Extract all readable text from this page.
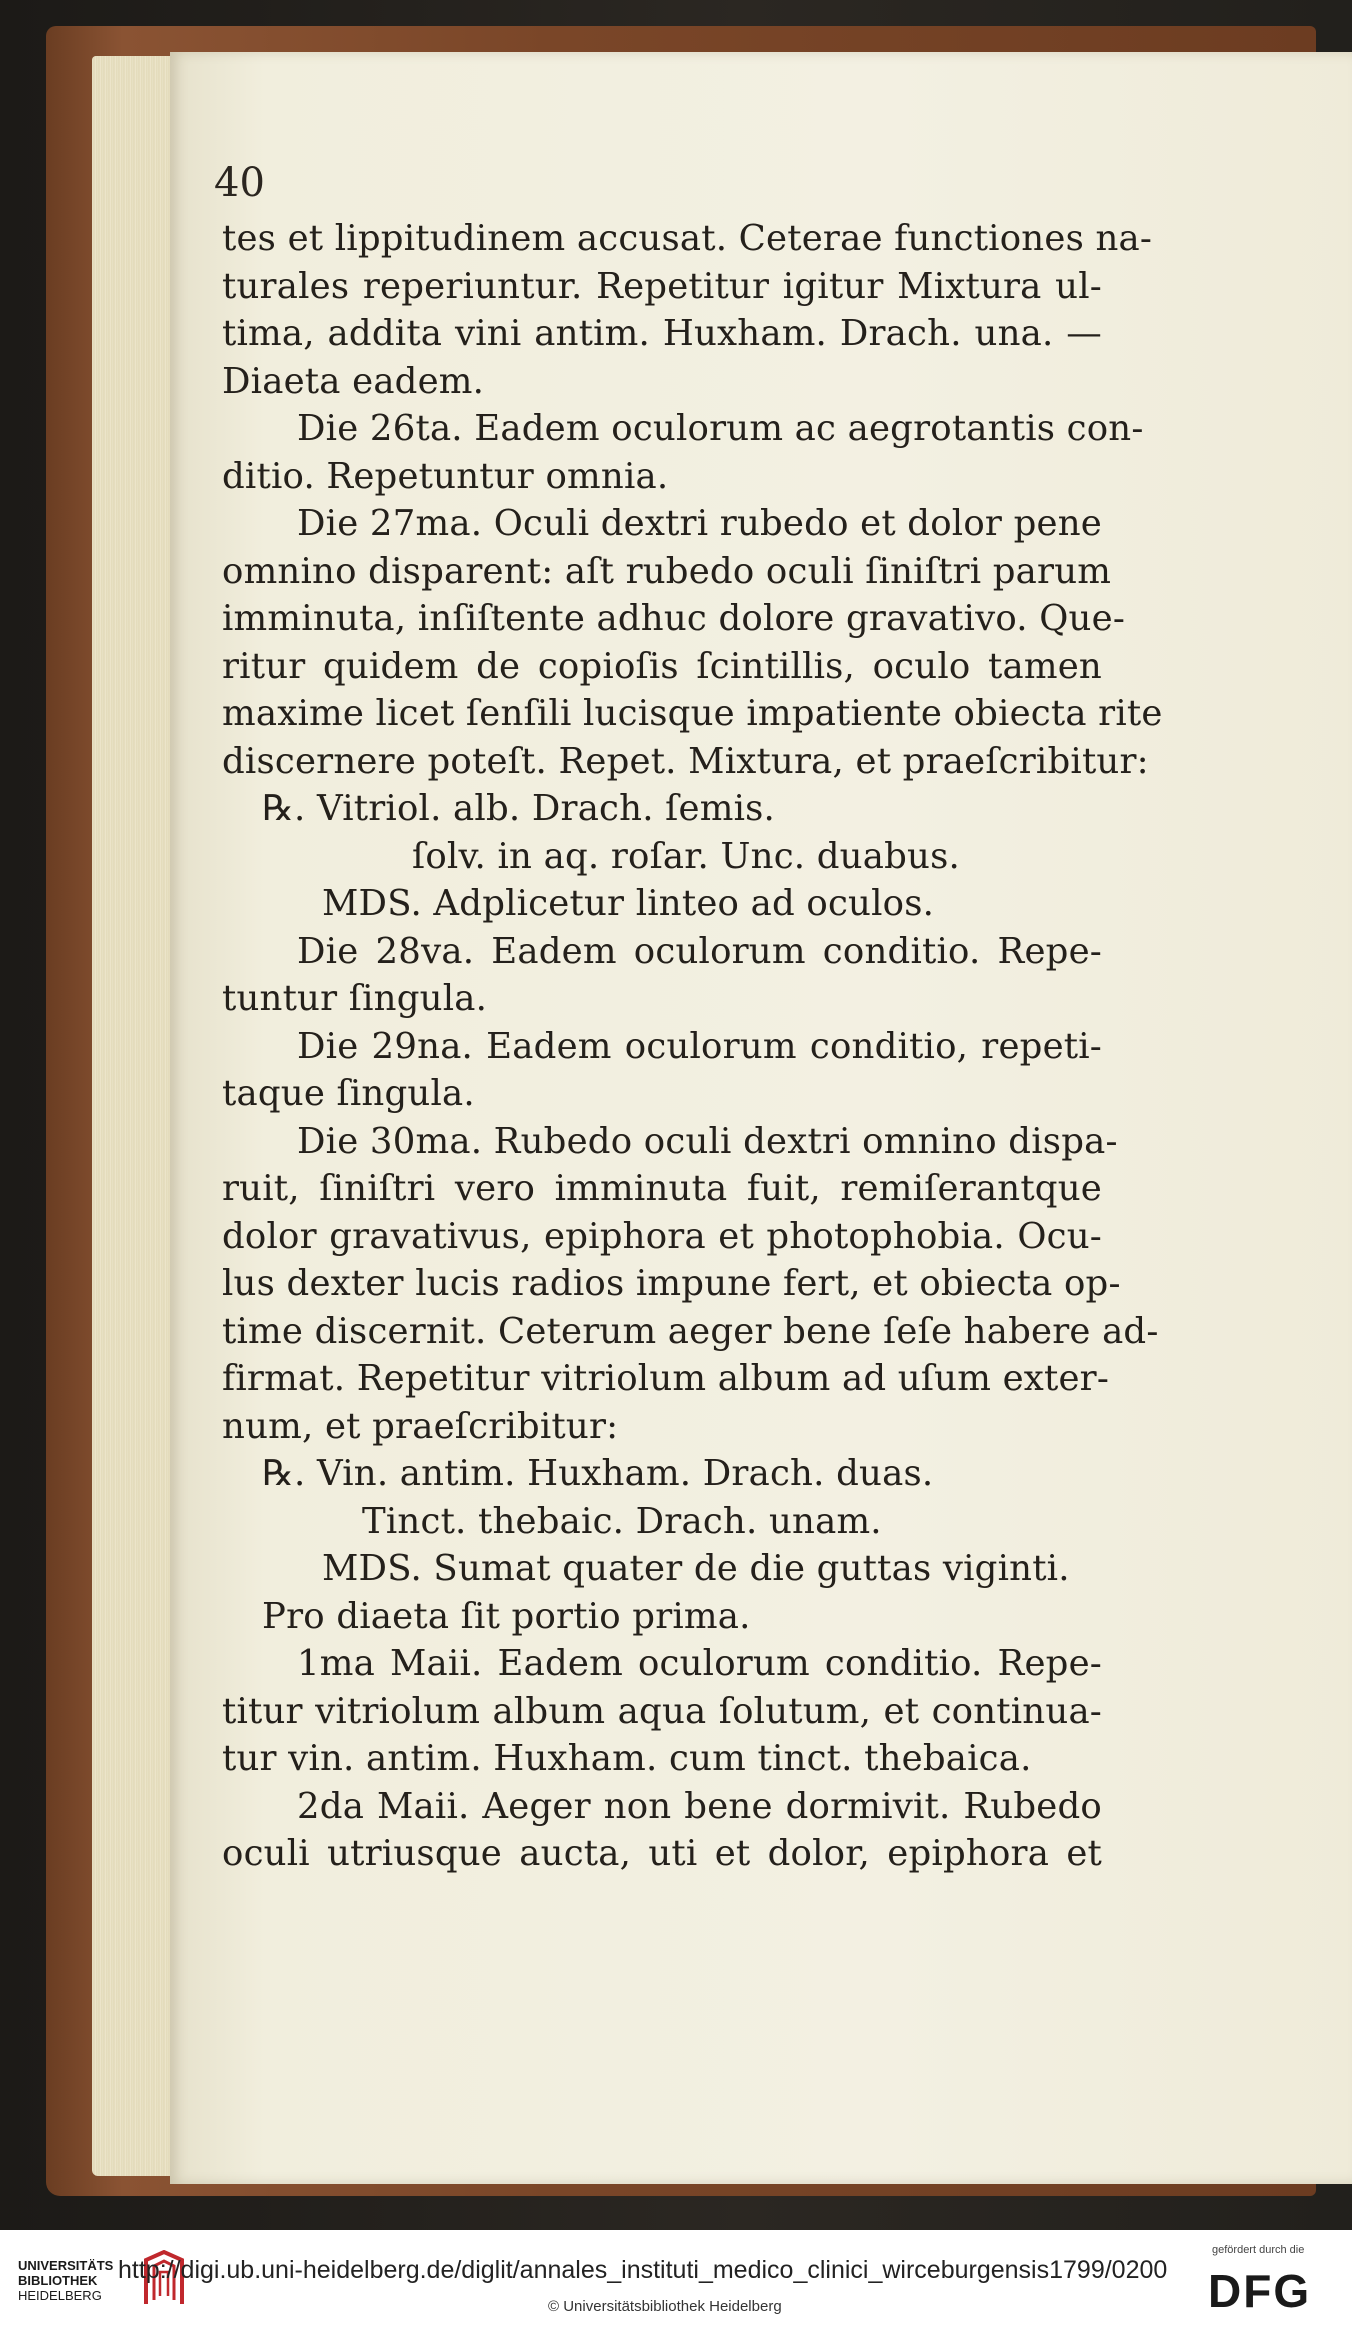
40
tes et lippitudinem accusat. Ceterae functiones na-
turales reperiuntur. Repetitur igitur Mixtura ul-
tima, addita vini antim. Huxham. Drach. una. —
Diaeta eadem.
Die 26ta. Eadem oculorum ac aegrotantis con-
ditio. Repetuntur omnia.
Die 27ma. Oculi dextri rubedo et dolor pene
omnino disparent: aſt rubedo oculi ſiniſtri parum
imminuta, inſiſtente adhuc dolore gravativo. Que-
ritur quidem de copioſis ſcintillis, oculo tamen
maxime licet ſenſili lucisque impatiente obiecta rite
discernere poteſt. Repet. Mixtura, et praeſcribitur:
℞. Vitriol. alb. Drach. ſemis.
ſolv. in aq. roſar. Unc. duabus.
MDS. Adplicetur linteo ad oculos.
Die 28va. Eadem oculorum conditio. Repe-
tuntur ſingula.
Die 29na. Eadem oculorum conditio, repeti-
taque ſingula.
Die 30ma. Rubedo oculi dextri omnino dispa-
ruit, ſiniſtri vero imminuta fuit, remiſerantque
dolor gravativus, epiphora et photophobia. Ocu-
lus dexter lucis radios impune fert, et obiecta op-
time discernit. Ceterum aeger bene ſeſe habere ad-
firmat. Repetitur vitriolum album ad uſum exter-
num, et praeſcribitur:
℞. Vin. antim. Huxham. Drach. duas.
Tinct. thebaic. Drach. unam.
MDS. Sumat quater de die guttas viginti.
Pro diaeta ſit portio prima.
1ma Maii. Eadem oculorum conditio. Repe-
titur vitriolum album aqua ſolutum, et continua-
tur vin. antim. Huxham. cum tinct. thebaica.
2da Maii. Aeger non bene dormivit. Rubedo
oculi utriusque aucta, uti et dolor, epiphora et
UNIVERSITÄTS
BIBLIOTHEK
HEIDELBERG
http://digi.ub.uni-heidelberg.de/diglit/annales_instituti_medico_clinici_wirceburgensis1799/0200
© Universitätsbibliothek Heidelberg
gefördert durch die
DFG
